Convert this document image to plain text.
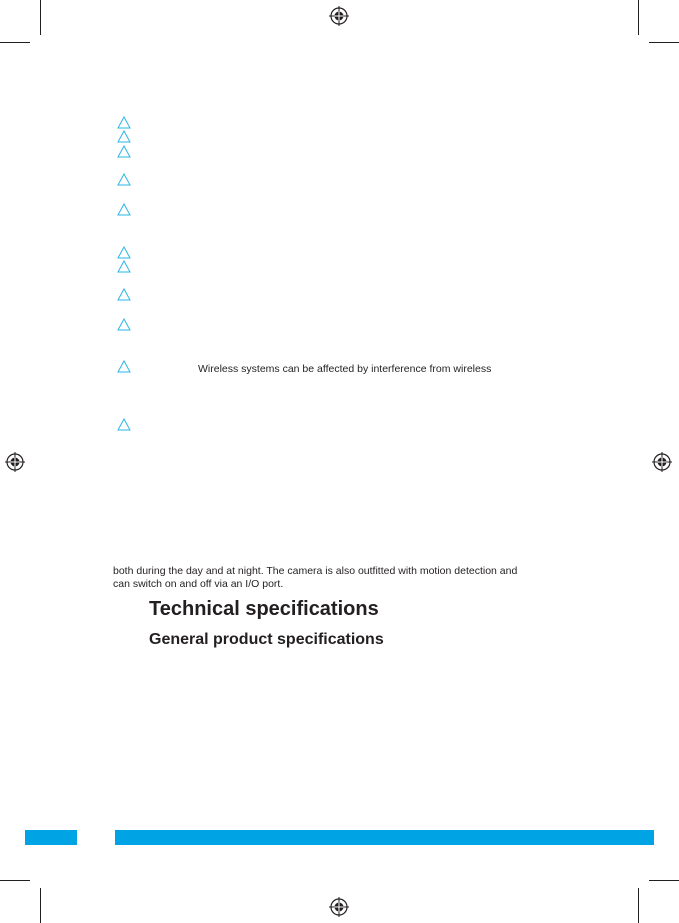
Wireless systems can be affected by interference from wireless
both during the day and at night. The camera is also outfitted with motion detection and
can switch on and off via an I/O port.
Technical specifications
General product specifications
